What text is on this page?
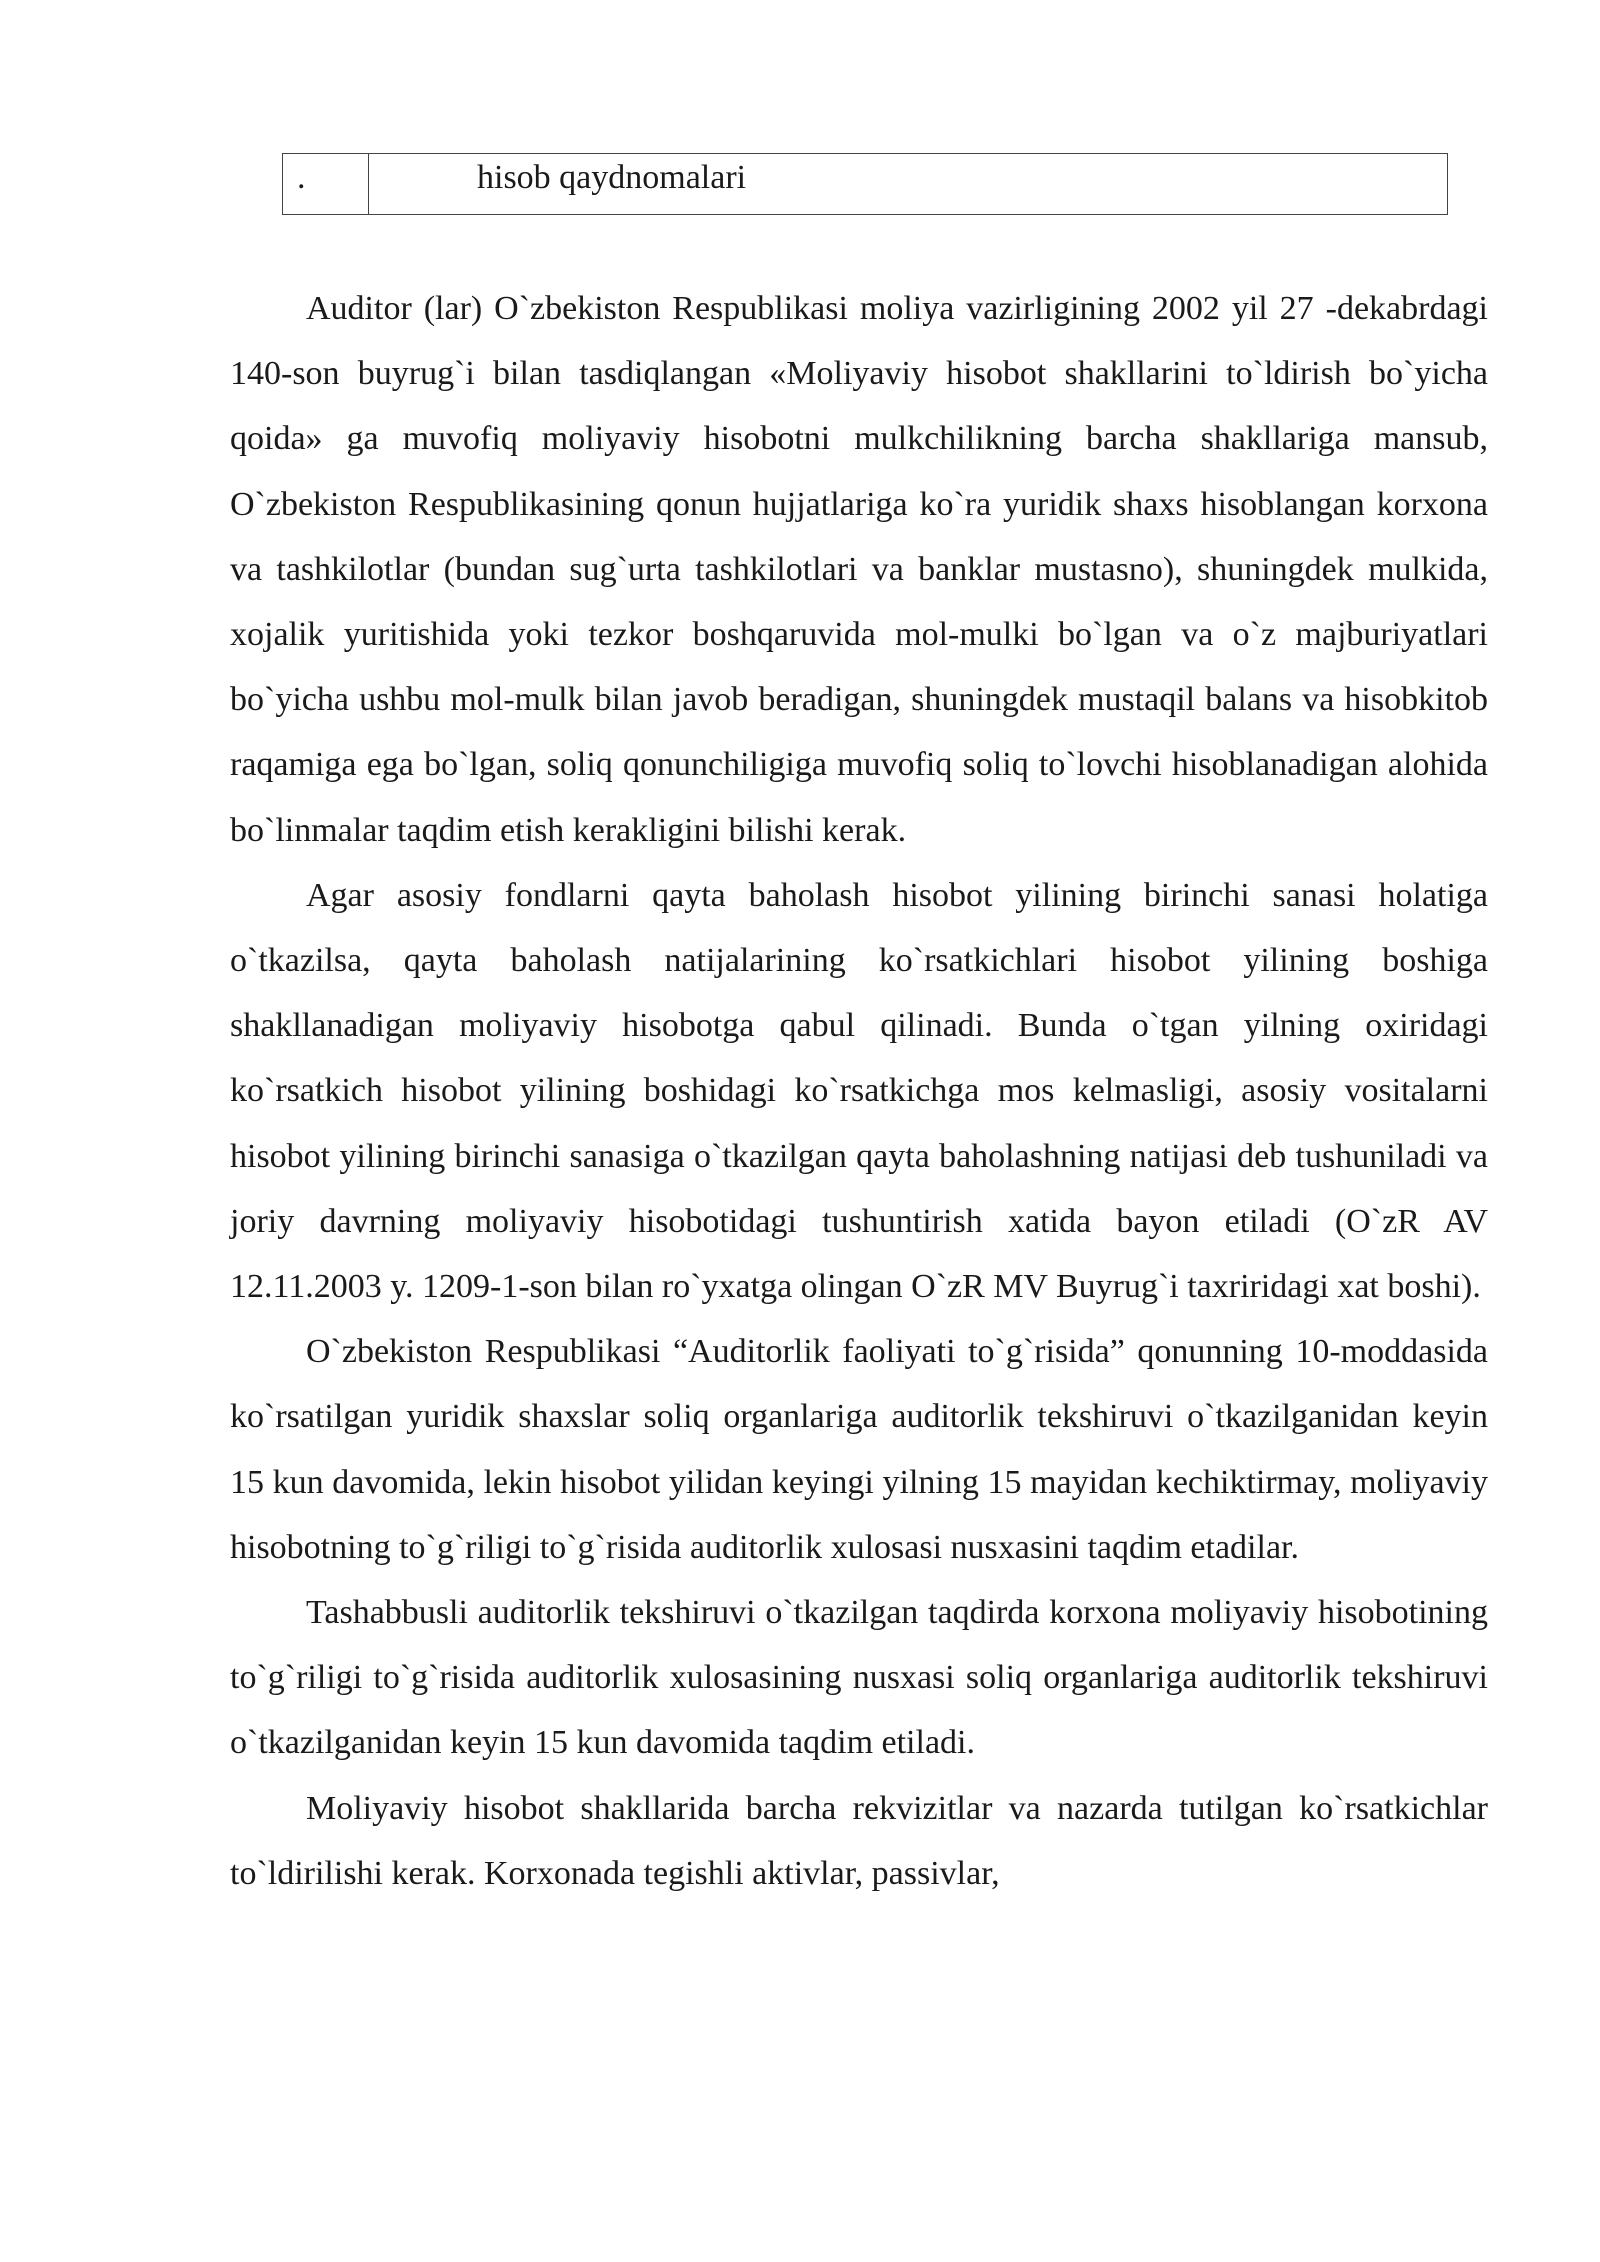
.	hisob qaydnomalari

Auditor (lar) O`zbekiston Respublikasi moliya vazirligining 2002 yil 27 -dekabrdagi 140-son buyrug`i bilan tasdiqlangan «Moliyaviy hisobot shakllarini to`ldirish bo`yicha qoida» ga muvofiq moliyaviy hisobotni mulkchilikning barcha shakllariga mansub, O`zbekiston Respublikasining qonun hujjatlariga ko`ra yuridik shaxs hisoblangan korxona va tashkilotlar (bundan sug`urta tashkilotlari va banklar mustasno), shuningdek mulkida, xojalik yuritishida yoki tezkor boshqaruvida mol-mulki bo`lgan va o`z majburiyatlari bo`yicha ushbu mol-mulk bilan javob beradigan, shuningdek mustaqil balans va hisobkitob raqamiga ega bo`lgan, soliq qonunchiligiga muvofiq soliq to`lovchi hisoblanadigan alohida bo`linmalar taqdim etish kerakligini bilishi kerak.

Agar asosiy fondlarni qayta baholash hisobot yilining birinchi sanasi holatiga o`tkazilsa, qayta baholash natijalarining ko`rsatkichlari hisobot yilining boshiga shakllanadigan moliyaviy hisobotga qabul qilinadi. Bunda o`tgan yilning oxiridagi ko`rsatkich hisobot yilining boshidagi ko`rsatkichga mos kelmasligi, asosiy vositalarni hisobot yilining birinchi sanasiga o`tkazilgan qayta baholashning natijasi deb tushuniladi va joriy davrning moliyaviy hisobotidagi tushuntirish xatida bayon etiladi (O`zR AV 12.11.2003 y. 1209-1-son bilan ro`yxatga olingan O`zR MV Buyrug`i taxriridagi xat boshi).

O`zbekiston Respublikasi “Auditorlik faoliyati to`g`risida” qonunning 10-moddasida ko`rsatilgan yuridik shaxslar soliq organlariga auditorlik tekshiruvi o`tkazilganidan keyin 15 kun davomida, lekin hisobot yilidan keyingi yilning 15 mayidan kechiktirmay, moliyaviy hisobotning to`g`riligi to`g`risida auditorlik xulosasi nusxasini taqdim etadilar.

Tashabbusli auditorlik tekshiruvi o`tkazilgan taqdirda korxona moliyaviy hisobotining to`g`riligi to`g`risida auditorlik xulosasining nusxasi soliq organlariga auditorlik tekshiruvi o`tkazilganidan keyin 15 kun davomida taqdim etiladi.

Moliyaviy hisobot shakllarida barcha rekvizitlar va nazarda tutilgan ko`rsatkichlar to`ldirilishi kerak. Korxonada tegishli aktivlar, passivlar,
